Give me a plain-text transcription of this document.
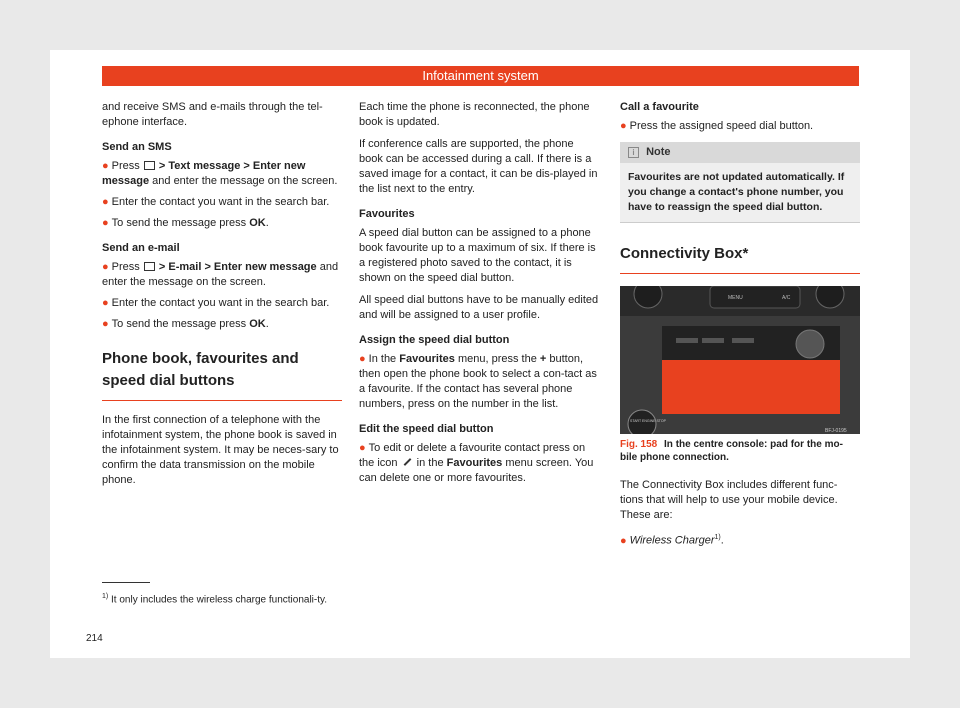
Infotainment system

and receive SMS and e-mails through the tel-ephone interface.

Send an SMS

● Press > Text message > Enter new message and enter the message on the screen.

● Enter the contact you want in the search bar.

● To send the message press OK.

Send an e-mail

● Press > E-mail > Enter new message and enter the message on the screen.

● Enter the contact you want in the search bar.

● To send the message press OK.

Phone book, favourites and speed dial buttons

In the first connection of a telephone with the infotainment system, the phone book is saved in the infotainment system. It may be neces-sary to confirm the data transmission on the mobile phone.

Each time the phone is reconnected, the phone book is updated.

If conference calls are supported, the phone book can be accessed during a call. If there is a saved image for a contact, it can be dis-played in the list next to the entry.

Favourites

A speed dial button can be assigned to a phone book favourite up to a maximum of six. If there is a registered photo saved to the contact, it is shown on the speed dial button.

All speed dial buttons have to be manually edited and will be assigned to a user profile.

Assign the speed dial button

● In the Favourites menu, press the + button, then open the phone book to select a con-tact as a favourite. If the contact has several phone numbers, press on the number in the list.

Edit the speed dial button

● To edit or delete a favourite contact press on the icon in the Favourites menu screen. You can delete one or more favourites.

Call a favourite

● Press the assigned speed dial button.

i Note
Favourites are not updated automatically. If you change a contact's phone number, you have to reassign the speed dial button.
Connectivity Box*
MENU	A/C
START ENGINE STOP
BFJ-0195

Fig. 158 In the centre console: pad for the mo-bile phone connection.

The Connectivity Box includes different func-tions that will help to use your mobile device. These are:

● Wireless Charger$^{1)}$.

$^{1)}$ It only includes the wireless charge functionali-ty.
214
